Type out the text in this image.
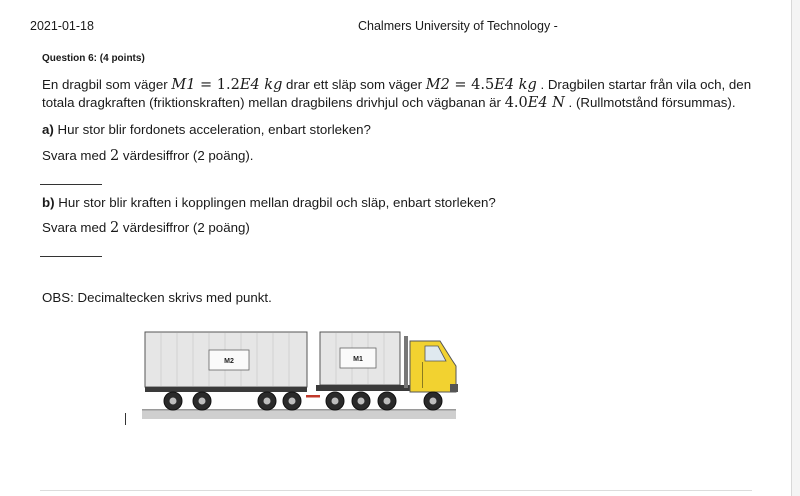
2021-01-18	Chalmers University of Technology -
Question 6: (4 points)
En dragbil som väger M1 = 1.2E4 kg drar ett släp som väger M2 = 4.5E4 kg . Dragbilen startar från vila och, den totala dragkraften (friktionskraften) mellan dragbilens drivhjul och vägbanan är 4.0E4 N . (Rullmotstånd försummas).
a) Hur stor blir fordonets acceleration, enbart storleken?
Svara med 2 värdesiffror (2 poäng).
b) Hur stor blir kraften i kopplingen mellan dragbil och släp, enbart storleken?
Svara med 2 värdesiffror (2 poäng)
OBS: Decimaltecken skrivs med punkt.
M2	M1
